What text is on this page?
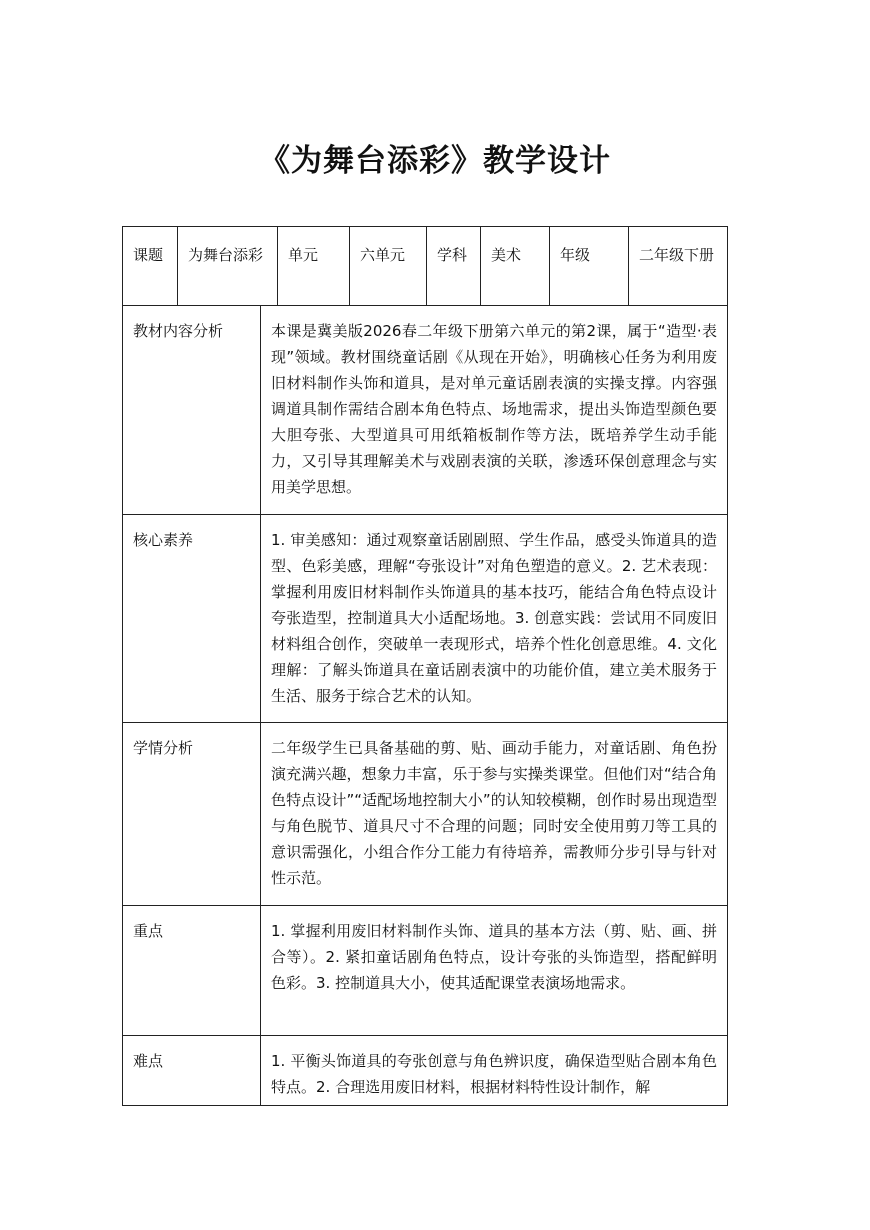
《为舞台添彩》教学设计
课题	为舞台添彩	单元	六单元	学科	美术	年级	二年级下册
教材内容分析	本课是冀美版2026春二年级下册第六单元的第2课，属于“造型·表现”领域。教材围绕童话剧《从现在开始》，明确核心任务为利用废旧材料制作头饰和道具，是对单元童话剧表演的实操支撑。内容强调道具制作需结合剧本角色特点、场地需求，提出头饰造型颜色要大胆夸张、大型道具可用纸箱板制作等方法，既培养学生动手能力，又引导其理解美术与戏剧表演的关联，渗透环保创意理念与实用美学思想。
核心素养	1. 审美感知：通过观察童话剧剧照、学生作品，感受头饰道具的造型、色彩美感，理解“夸张设计”对角色塑造的意义。2. 艺术表现：掌握利用废旧材料制作头饰道具的基本技巧，能结合角色特点设计夸张造型，控制道具大小适配场地。3. 创意实践：尝试用不同废旧材料组合创作，突破单一表现形式，培养个性化创意思维。4. 文化理解：了解头饰道具在童话剧表演中的功能价值，建立美术服务于生活、服务于综合艺术的认知。
学情分析	二年级学生已具备基础的剪、贴、画动手能力，对童话剧、角色扮演充满兴趣，想象力丰富，乐于参与实操类课堂。但他们对“结合角色特点设计”“适配场地控制大小”的认知较模糊，创作时易出现造型与角色脱节、道具尺寸不合理的问题；同时安全使用剪刀等工具的意识需强化，小组合作分工能力有待培养，需教师分步引导与针对性示范。
重点	1. 掌握利用废旧材料制作头饰、道具的基本方法（剪、贴、画、拼合等）。2. 紧扣童话剧角色特点，设计夸张的头饰造型，搭配鲜明色彩。3. 控制道具大小，使其适配课堂表演场地需求。
难点	1. 平衡头饰道具的夸张创意与角色辨识度，确保造型贴合剧本角色特点。2. 合理选用废旧材料，根据材料特性设计制作，解
